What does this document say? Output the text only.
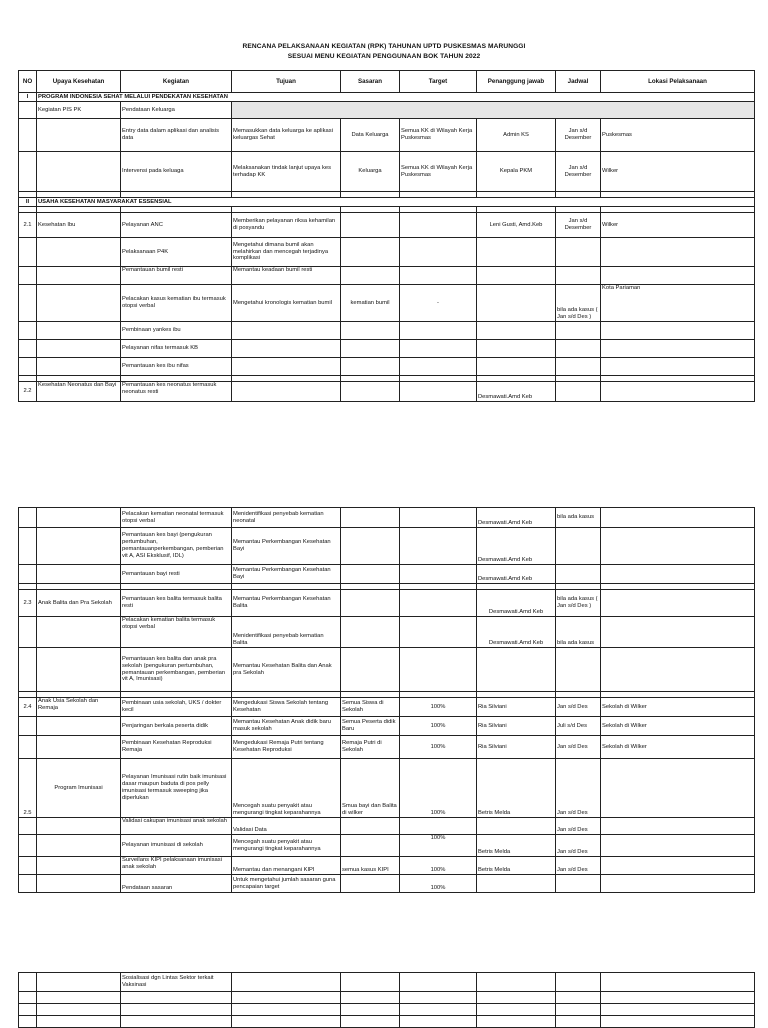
RENCANA PELAKSANAAN KEGIATAN (RPK) TAHUNAN UPTD PUSKESMAS MARUNGGI
SESUAI MENU KEGIATAN PENGGUNAAN BOK TAHUN 2022
NO	Upaya Kesehatan	Kegiatan	Tujuan	Sasaran	Target	Penanggung jawab	Jadwal	Lokasi Pelaksanaan
I	PROGRAM INDONESIA SEHAT MELALUI PENDEKATAN KESEHATAN							
	Kegiatan PIS PK	Pendataan Keluarga						
		Entry data dalam aplikasi dan analisis data	Memasukkan data keluarga ke aplikasi keluargas Sehat	Data Keluarga	Semua KK di Wilayah Kerja Puskesmas	Admin KS	Jan s/d Desember	Puskesmas
		Intervensi pada keluaga	Melaksanakan tindak lanjut upaya kes terhadap KK	Keluarga	Semua KK di Wilayah Kerja Puskesmas	Kepala PKM	Jan s/d Desember	Wilker

II	USAHA KESEHATAN MASYARAKAT ESSENSIAL							

2.1	Kesehatan Ibu	Pelayanan ANC	Memberikan pelayanan riksa kehamilan di posyandu			Leni Gusti, Amd.Keb	Jan s/d Desember	Wilker
		Pelaksanaan P4K	Mengetahui dimana bumil akan melahirkan dan mencegah terjadinya komplikasi					
		Pemantauan bumil resti	Memantau keadaan bumil resti					
		Pelacakan kasus kematian ibu termasuk otopsi verbal	Mengetahui kronologis kematian bumil	kematian bumil	-		bila ada kasus ( Jan s/d Des )	Kota Pariaman
		Pembinaan yankes ibu						
		Pelayanan nifas termasuk KB						
		Pemantauan kes ibu nifas						

2.2	Kesehatan Neonatus dan Bayi	Pemantauan kes neonatus termasuk neonatus resti				Desmawati.Amd Keb		
		Pelacakan kematian neonatal termasuk otopsi verbal	Menidentifikasi penyebab kematian neonatal			Desmawati.Amd Keb	bila ada kasus	
		Pemantauan kes bayi (pengukuran pertumbuhan, pemantauanperkembangan, pemberian vit A, ASI Eksklusif, IDL)	Memantau Perkembangan Kesehatan Bayi			Desmawati.Amd Keb		
		Pemantauan bayi resti	Memantau Perkembangan Kesehatan Bayi			Desmawati.Amd Keb		

2.3	Anak Balita dan Pra Sekolah	Pemantauan kes balita termasuk balita resti	Memantau Perkembangan Kesehatan Balita			Desmawati.Amd Keb	bila ada kasus ( Jan s/d Des )	
		Pelacakan kematian balita termasuk otopsi verbal	Menidentifikasi penyebab kematian Balita			Desmawati.Amd Keb	bila ada kasus	
		Pemantauan kes balita dan anak pra sekolah (pengukuran pertumbuhan, pemantauan perkembangan, pemberian vit A, Imunisasi)	Memantau Kesehatan Balita dan Anak pra Sekolah					

2.4	Anak Usia Sekolah dan Remaja	Pembinaan usia sekolah, UKS / dokter kecil	Mengedukasi Siswa Sekolah tentang Kesehatan	Semua Siswa di Sekolah	100%	Ria Silviani	Jan s/d Des	Sekolah di Wilker
		Penjaringan berkala peserta didik	Memantau Kesehatan Anak didik baru masuk sekolah	Semua Peserta didik Baru	100%	Ria Silviani	Juli s/d Des	Sekolah di Wilker
		Pembinaan Kesehatan Reproduksi Remaja	Mengedukasi Remaja Putri tentang Kesehatan Reproduksi	Remaja Putri di Sekolah	100%	Ria Silviani	Jan s/d Des	Sekolah di Wilker
2.5	Program Imunisasi	Pelayanan Imunisasi rutin baik imunisasi dasar maupun baduta di pos pelly imunisasi termasuk sweeping jika diperlukan	Mencegah suatu penyakit atau mengurangi tingkat keparahannya	Smua bayi dan Balita di wilker	100%	Betris Melda	Jan s/d Des	
		Validasi cakupan imunisasi anak sekolah	Validasi Data				Jan s/d Des	
		Pelayanan imunisasi di sekolah	Mencegah suatu penyakit atau mengurangi tingkat keparahannya		100%	Betris Melda	Jan s/d Des	
		Surveilans KIPI pelaksanaan imunisasi anak sekolah	Memantau dan menangani KIPI	semua kasus KIPI	100%	Betris Melda	Jan s/d Des	
		Pendataan sasaran	Untuk mengetahui jumlah sasaran guna pencapaian target		100%			
		Sosialisasi dgn Lintas Sektor terkait Vaksinasi						
